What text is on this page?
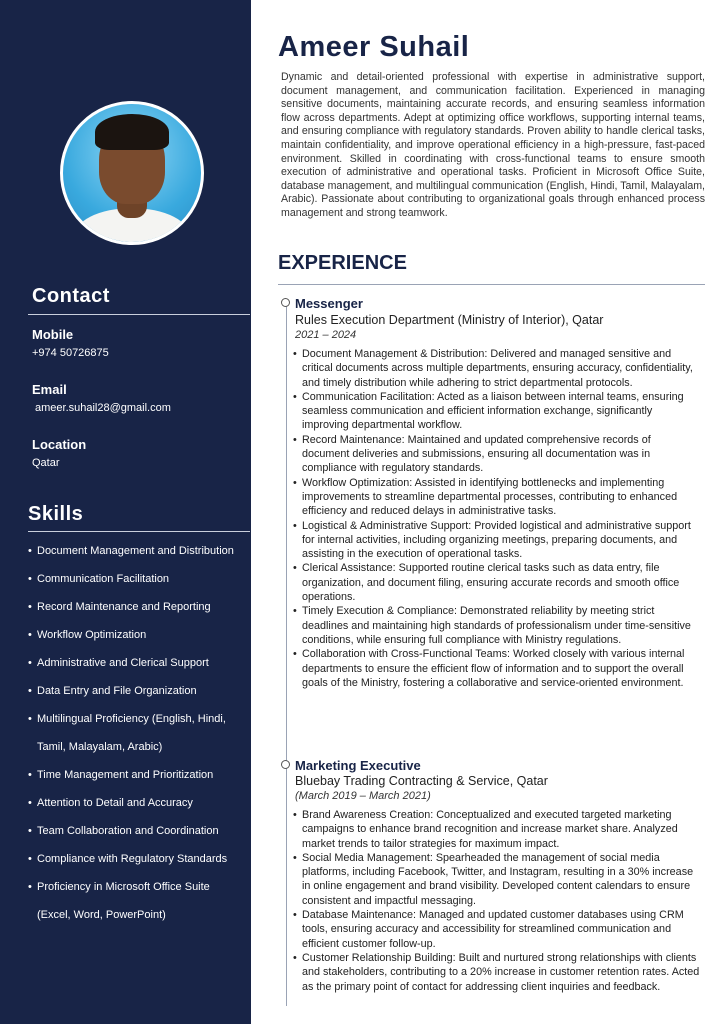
Contact
Mobile
+974 50726875
Email
ameer.suhail28@gmail.com
Location
Qatar
Skills
• Document Management and Distribution
• Communication Facilitation
• Record Maintenance and Reporting
• Workflow Optimization
• Administrative and Clerical Support
• Data Entry and File Organization
• Multilingual Proficiency (English, Hindi, Tamil, Malayalam, Arabic)
• Time Management and Prioritization
• Attention to Detail and Accuracy
• Team Collaboration and Coordination
• Compliance with Regulatory Standards
• Proficiency in Microsoft Office Suite (Excel, Word, PowerPoint)
Ameer Suhail
Dynamic and detail-oriented professional with expertise in administrative support, document management, and communication facilitation. Experienced in managing sensitive documents, maintaining accurate records, and ensuring seamless information flow across departments. Adept at optimizing office workflows, supporting internal teams, and ensuring compliance with regulatory standards. Proven ability to handle clerical tasks, maintain confidentiality, and improve operational efficiency in a high-pressure, fast-paced environment. Skilled in coordinating with cross-functional teams to ensure smooth execution of administrative and operational tasks. Proficient in Microsoft Office Suite, database management, and multilingual communication (English, Hindi, Tamil, Malayalam, Arabic). Passionate about contributing to organizational goals through enhanced process management and strong teamwork.
EXPERIENCE
Messenger
Rules Execution Department (Ministry of Interior), Qatar
2021 – 2024
• Document Management & Distribution: Delivered and managed sensitive and critical documents across multiple departments, ensuring accuracy, confidentiality, and timely distribution while adhering to strict departmental protocols.
• Communication Facilitation: Acted as a liaison between internal teams, ensuring seamless communication and efficient information exchange, significantly improving departmental workflow.
• Record Maintenance: Maintained and updated comprehensive records of document deliveries and submissions, ensuring all documentation was in compliance with regulatory standards.
• Workflow Optimization: Assisted in identifying bottlenecks and implementing improvements to streamline departmental processes, contributing to enhanced efficiency and reduced delays in administrative tasks.
• Logistical & Administrative Support: Provided logistical and administrative support for internal activities, including organizing meetings, preparing documents, and assisting in the execution of operational tasks.
• Clerical Assistance: Supported routine clerical tasks such as data entry, file organization, and document filing, ensuring accurate records and smooth office operations.
• Timely Execution & Compliance: Demonstrated reliability by meeting strict deadlines and maintaining high standards of professionalism under time-sensitive conditions, while ensuring full compliance with Ministry regulations.
• Collaboration with Cross-Functional Teams: Worked closely with various internal departments to ensure the efficient flow of information and to support the overall goals of the Ministry, fostering a collaborative and service-oriented environment.
Marketing Executive
Bluebay Trading Contracting & Service, Qatar
(March 2019 – March 2021)
• Brand Awareness Creation: Conceptualized and executed targeted marketing campaigns to enhance brand recognition and increase market share. Analyzed market trends to tailor strategies for maximum impact.
• Social Media Management: Spearheaded the management of social media platforms, including Facebook, Twitter, and Instagram, resulting in a 30% increase in online engagement and brand visibility. Developed content calendars to ensure consistent and impactful messaging.
• Database Maintenance: Managed and updated customer databases using CRM tools, ensuring accuracy and accessibility for streamlined communication and efficient customer follow-up.
• Customer Relationship Building: Built and nurtured strong relationships with clients and stakeholders, contributing to a 20% increase in customer retention rates. Acted as the primary point of contact for addressing client inquiries and feedback.
